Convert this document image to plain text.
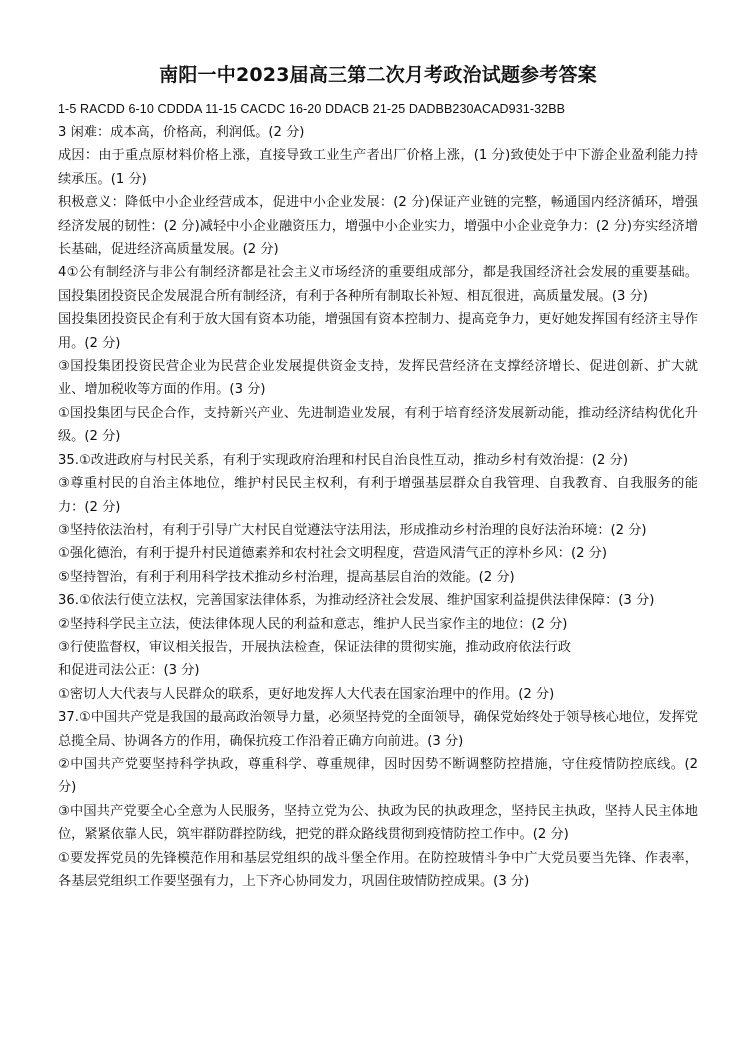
南阳一中2023届高三第二次月考政治试题参考答案
1-5 RACDD 6-10 CDDDA 11-15 CACDC 16-20 DDACB 21-25 DADBB230ACAD931-32BB
3 闲难：成本高，价格高，利润低。(2 分)
成因：由于重点原材料价格上涨，直接导致工业生产者出厂价格上涨，(1 分)致使处于中下游企业盈利能力持续承压。(1 分)
积极意义：降低中小企业经营成本，促进中小企业发展：(2 分)保证产业链的完整，畅通国内经济循环，增强经济发展的韧性：(2 分)减轻中小企业融资压力，增强中小企业实力，增强中小企业竞争力：(2 分)夯实经济增长基础，促进经济高质量发展。(2 分)
4①公有制经济与非公有制经济都是社会主义市场经济的重要组成部分，都是我国经济社会发展的重要基础。国投集团投资民企发展混合所有制经济，有利于各种所有制取长补短、相瓦很进，高质量发展。(3 分)
国投集团投资民企有利于放大国有资本功能，增强国有资本控制力、提高竞争力，更好她发挥国有经济主导作用。(2 分)
③国投集团投资民营企业为民营企业发展提供资金支持，发挥民营经济在支撑经济增长、促进创新、扩大就业、增加税收等方面的作用。(3 分)
①国投集团与民企合作，支持新兴产业、先进制造业发展，有利于培育经济发展新动能，推动经济结构优化升级。(2 分)
35.①改进政府与村民关系，有利于实现政府治理和村民自治良性互动，推动乡村有效治提：(2 分)
③尊重村民的自治主体地位，维护村民民主权利，有利于增强基层群众自我管理、自我教育、自我服务的能力：(2 分)
③坚持依法治村，有利于引导广大村民自觉遵法守法用法，形成推动乡村治理的良好法治环境：(2 分)
①强化德治，有利于提升村民道德素养和农村社会文明程度，营造风清气正的淳朴乡风：(2 分)
⑤坚持智治，有利于利用科学技术推动乡村治理，提高基层自治的效能。(2 分)
36.①依法行使立法权，完善国家法律体系，为推动经济社会发展、维护国家利益提供法律保障：(3 分)
②坚持科学民主立法，使法律体现人民的利益和意志，维护人民当家作主的地位：(2 分)
③行使监督权，审议相关报告，开展执法检查，保证法律的贯彻实施，推动政府依法行政
和促进司法公正：(3 分)
①密切人大代表与人民群众的联系，更好地发挥人大代表在国家治理中的作用。(2 分)
37.①中国共产党是我国的最高政治领导力量，必须坚持党的全面领导，确保党始终处于领导核心地位，发挥党总揽全局、协调各方的作用，确保抗疫工作沿着正确方向前进。(3 分)
②中国共产党要坚持科学执政，尊重科学、尊重规律，因时因势不断调整防控措施，守住疫情防控底线。(2 分)
③中国共产党要全心全意为人民服务，坚持立党为公、执政为民的执政理念，坚持民主执政，坚持人民主体地位，紧紧依靠人民，筑牢群防群控防线，把党的群众路线贯彻到疫情防控工作中。(2 分)
①要发挥党员的先锋模范作用和基层党组织的战斗堡全作用。在防控玻情斗争中广大党员要当先锋、作表率，各基层党组织工作要坚强有力，上下齐心协同发力，巩固住玻情防控成果。(3 分)
